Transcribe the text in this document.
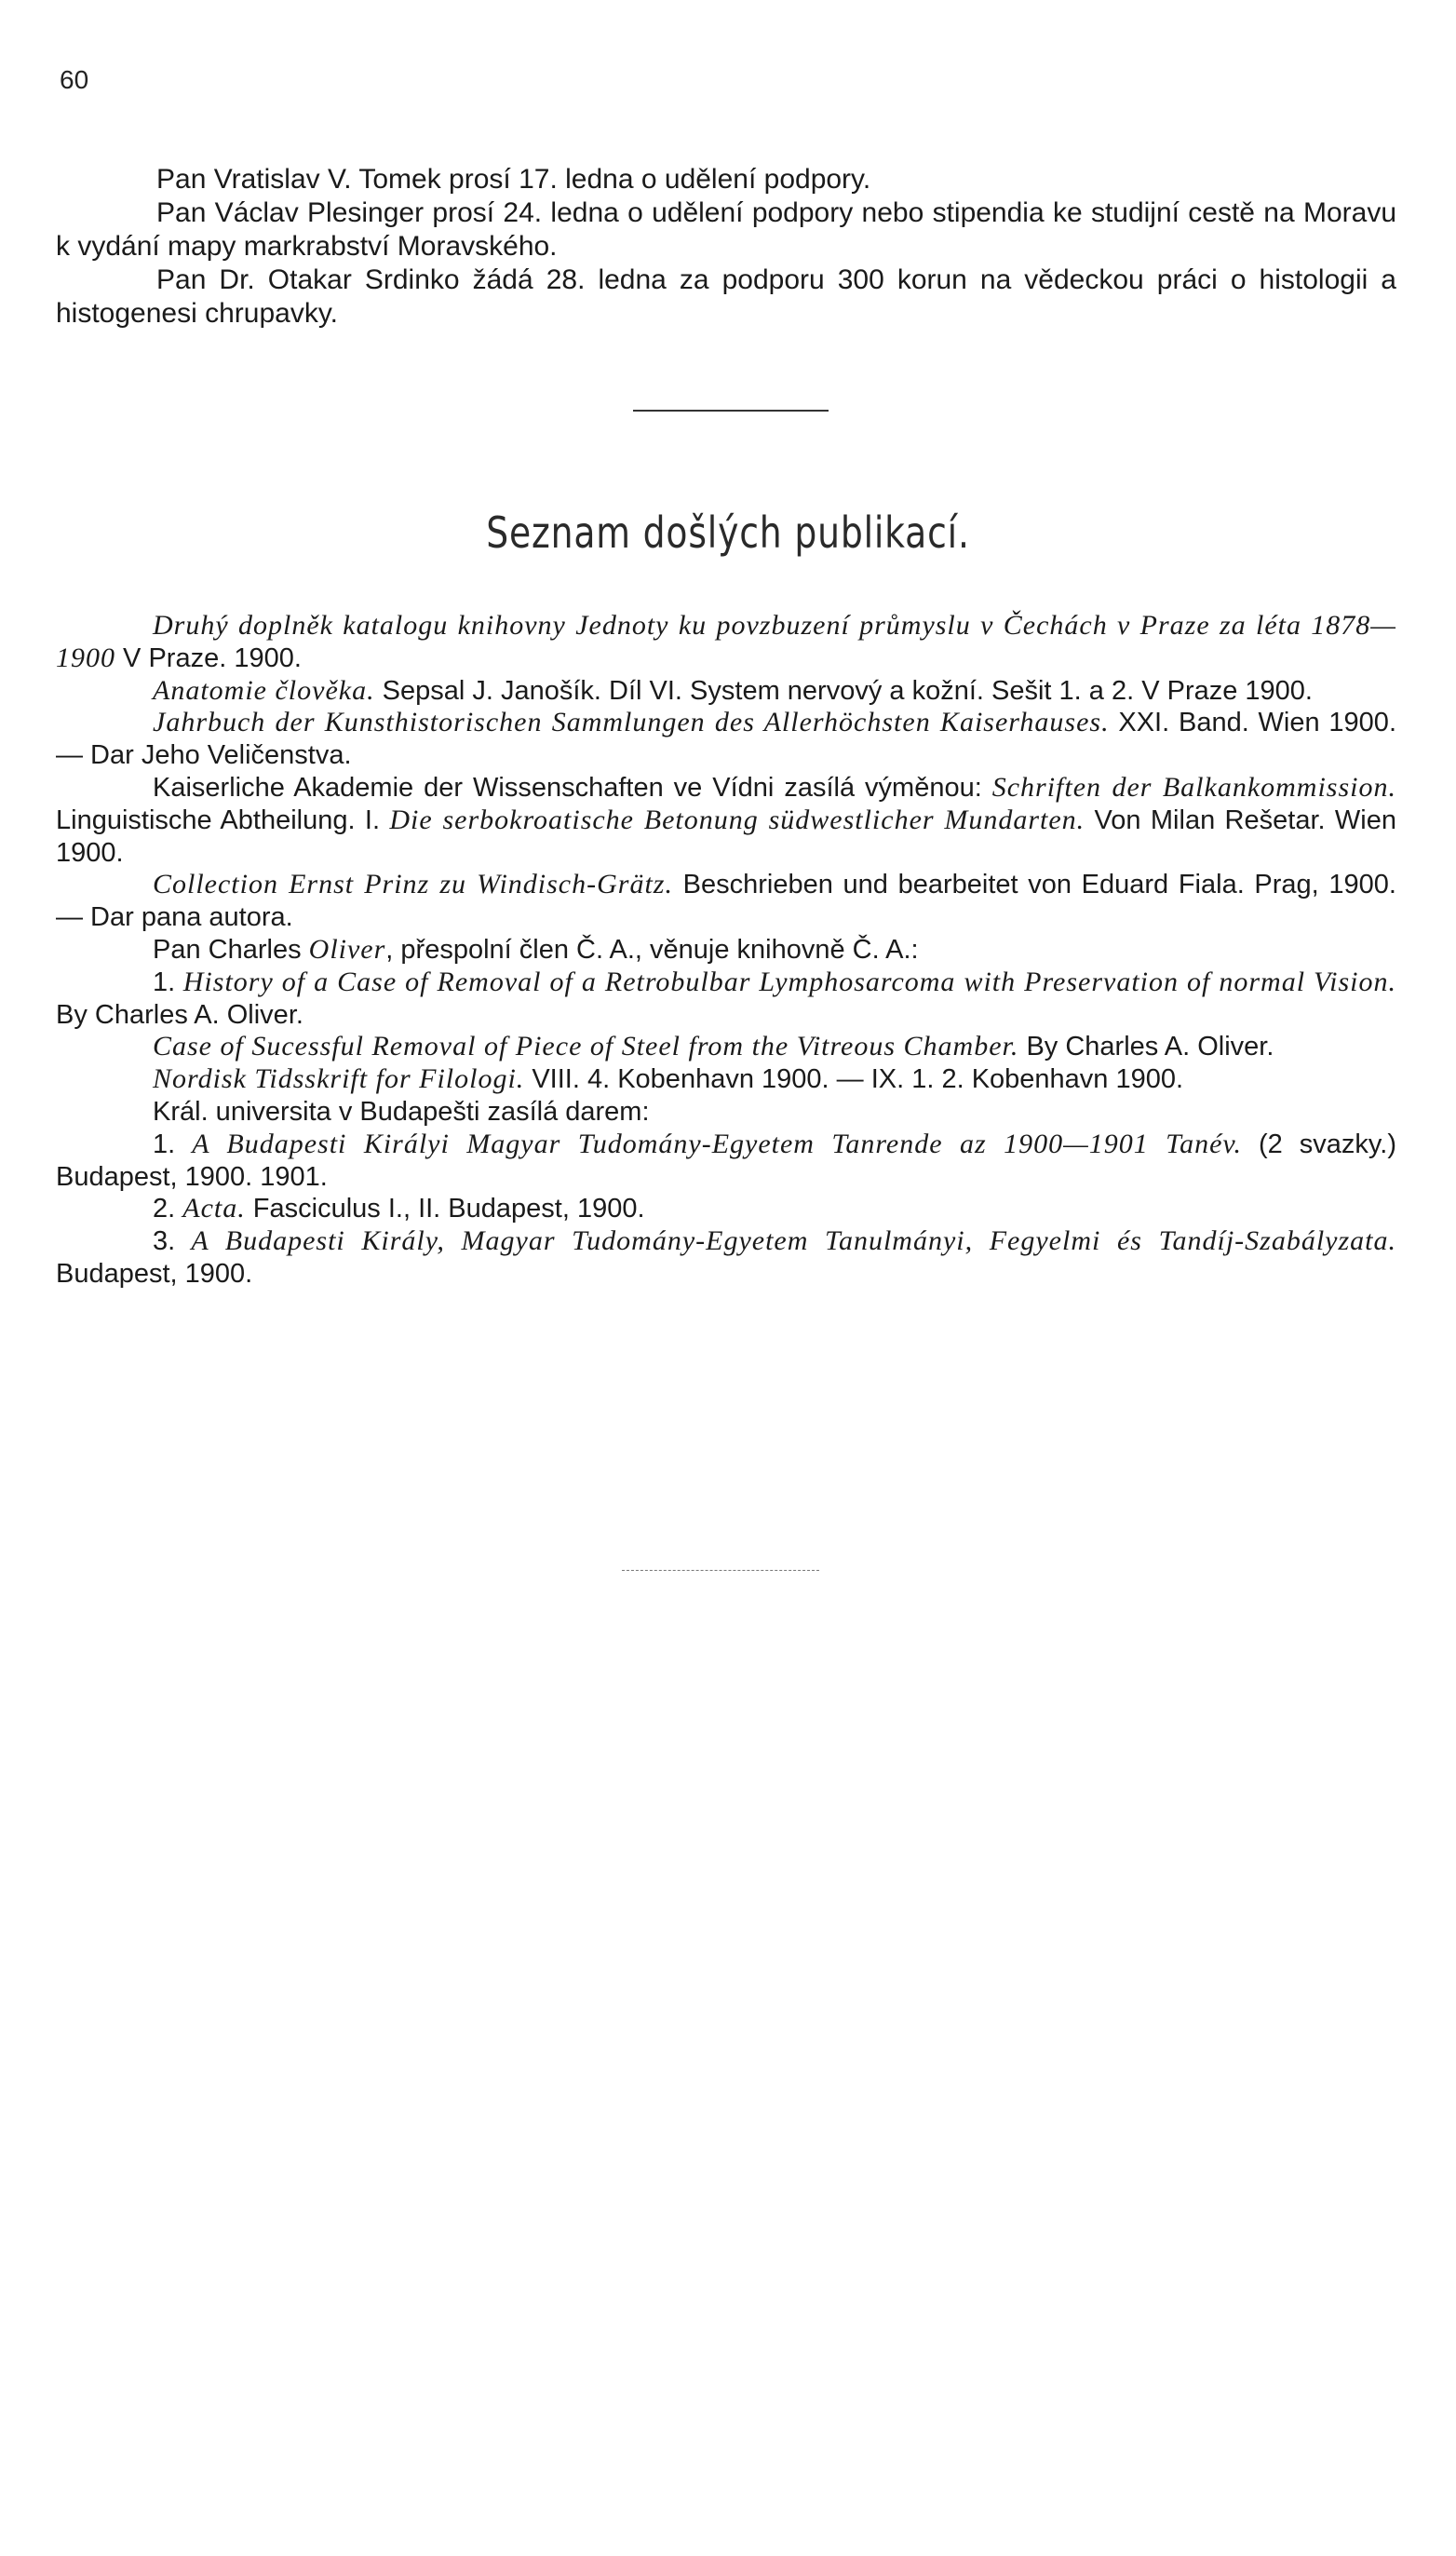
60

Pan Vratislav V. Tomek prosí 17. ledna o udělení podpory.

Pan Václav Plesinger prosí 24. ledna o udělení podpory nebo stipendia ke studijní cestě na Moravu k vydání mapy markrabství Moravského.

Pan Dr. Otakar Srdinko žádá 28. ledna za podporu 300 korun na vědeckou práci o histologii a histogenesi chrupavky.

Seznam došlých publikací.

Druhý doplněk katalogu knihovny Jednoty ku povzbuzení průmyslu v Čechách v Praze za léta 1878—1900 V Praze. 1900.

Anatomie člověka. Sepsal J. Janošík. Díl VI. System nervový a kožní. Sešit 1. a 2. V Praze 1900.

Jahrbuch der Kunsthistorischen Sammlungen des Allerhöchsten Kaiserhauses. XXI. Band. Wien 1900. — Dar Jeho Veličenstva.

Kaiserliche Akademie der Wissenschaften ve Vídni zasílá výměnou: Schriften der Balkankommission. Linguistische Abtheilung. I. Die serbokroatische Betonung südwestlicher Mundarten. Von Milan Rešetar. Wien 1900.

Collection Ernst Prinz zu Windisch-Grätz. Beschrieben und bearbeitet von Eduard Fiala. Prag, 1900. — Dar pana autora.

Pan Charles Oliver, přespolní člen Č. A., věnuje knihovně Č. A.:

1. History of a Case of Removal of a Retrobulbar Lymphosarcoma with Preservation of normal Vision. By Charles A. Oliver.

Case of Sucessful Removal of Piece of Steel from the Vitreous Chamber. By Charles A. Oliver.

Nordisk Tidsskrift for Filologi. VIII. 4. Kobenhavn 1900. — IX. 1. 2. Kobenhavn 1900.

Král. universita v Budapešti zasílá darem:

1. A Budapesti Királyi Magyar Tudomány-Egyetem Tanrende az 1900—1901 Tanév. (2 svazky.) Budapest, 1900. 1901.

2. Acta. Fasciculus I., II. Budapest, 1900.

3. A Budapesti Király, Magyar Tudomány-Egyetem Tanulmányi, Fegyelmi és Tandíj-Szabályzata. Budapest, 1900.
